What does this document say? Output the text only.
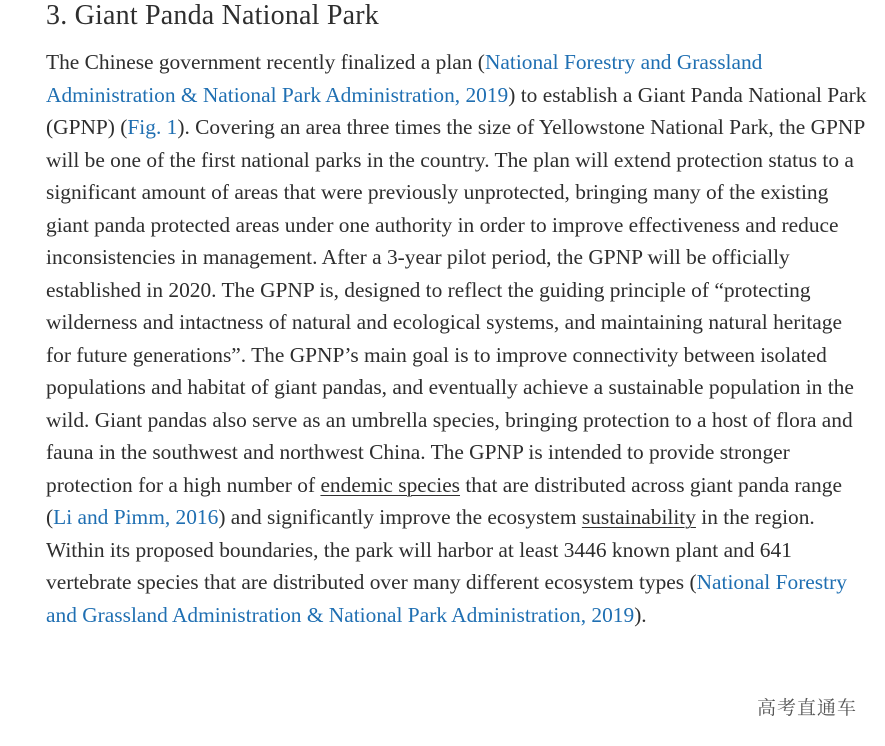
3. Giant Panda National Park

The Chinese government recently finalized a plan (National Forestry and Grassland Administration & National Park Administration, 2019) to establish a Giant Panda National Park (GPNP) (Fig. 1). Covering an area three times the size of Yellowstone National Park, the GPNP will be one of the first national parks in the country. The plan will extend protection status to a significant amount of areas that were previously unprotected, bringing many of the existing giant panda protected areas under one authority in order to improve effectiveness and reduce inconsistencies in management. After a 3-year pilot period, the GPNP will be officially established in 2020. The GPNP is, designed to reflect the guiding principle of “protecting wilderness and intactness of natural and ecological systems, and maintaining natural heritage for future generations”. The GPNP’s main goal is to improve connectivity between isolated populations and habitat of giant pandas, and eventually achieve a sustainable population in the wild. Giant pandas also serve as an umbrella species, bringing protection to a host of flora and fauna in the southwest and northwest China. The GPNP is intended to provide stronger protection for a high number of endemic species that are distributed across giant panda range (Li and Pimm, 2016) and significantly improve the ecosystem sustainability in the region. Within its proposed boundaries, the park will harbor at least 3446 known plant and 641 vertebrate species that are distributed over many different ecosystem types (National Forestry and Grassland Administration & National Park Administration, 2019).

高考直通车
